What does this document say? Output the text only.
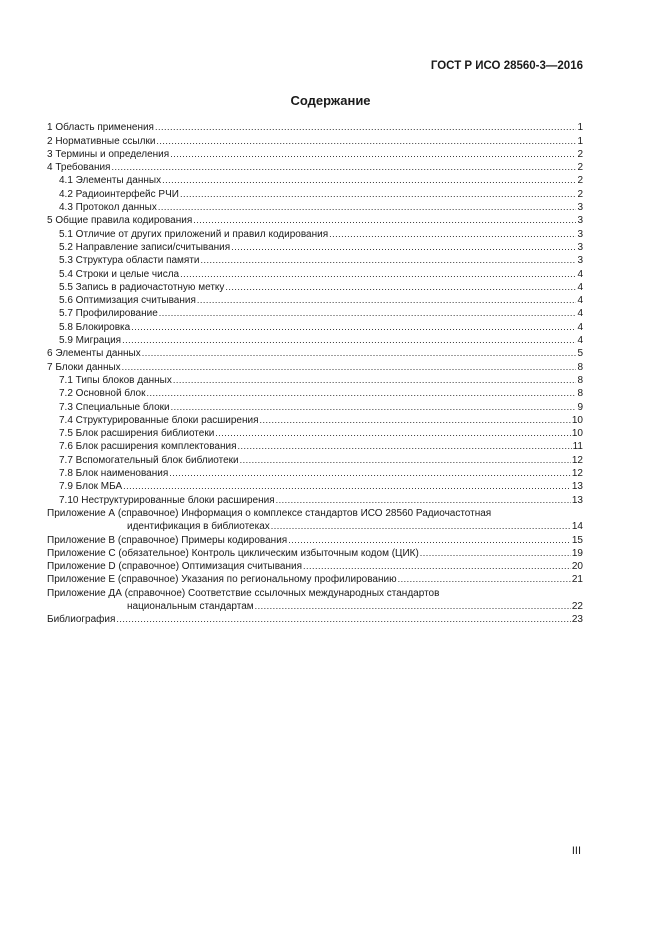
ГОСТ Р ИСО 28560-3—2016
Содержание
1 Область применения .....	1
2 Нормативные ссылки .....	1
3 Термины и определения .....	2
4 Требования .....	2
4.1 Элементы данных .....	2
4.2 Радиоинтерфейс РЧИ .....	2
4.3 Протокол данных .....	3
5 Общие правила кодирования .....	3
5.1 Отличие от других приложений и правил кодирования .....	3
5.2 Направление записи/считывания .....	3
5.3 Структура области памяти .....	3
5.4 Строки и целые числа .....	4
5.5 Запись в радиочастотную метку .....	4
5.6 Оптимизация считывания .....	4
5.7 Профилирование .....	4
5.8 Блокировка .....	4
5.9 Миграция .....	4
6 Элементы данных .....	5
7 Блоки данных .....	8
7.1 Типы блоков данных .....	8
7.2 Основной блок .....	8
7.3 Специальные блоки .....	9
7.4 Структурированные блоки расширения .....	10
7.5 Блок расширения библиотеки .....	10
7.6 Блок расширения комплектования .....	11
7.7 Вспомогательный блок библиотеки .....	12
7.8 Блок наименования .....	12
7.9 Блок МБА .....	13
7.10 Неструктурированные блоки расширения .....	13
Приложение А (справочное) Информация о комплексе стандартов ИСО 28560 Радиочастотная
идентификация в библиотеках .....	14
Приложение В (справочное) Примеры кодирования .....	15
Приложение С (обязательное) Контроль циклическим избыточным кодом (ЦИК) .....	19
Приложение D (справочное) Оптимизация считывания .....	20
Приложение Е (справочное) Указания по региональному профилированию .....	21
Приложение ДА (справочное) Соответствие ссылочных международных стандартов
национальным стандартам .....	22
Библиография .....	23
III
